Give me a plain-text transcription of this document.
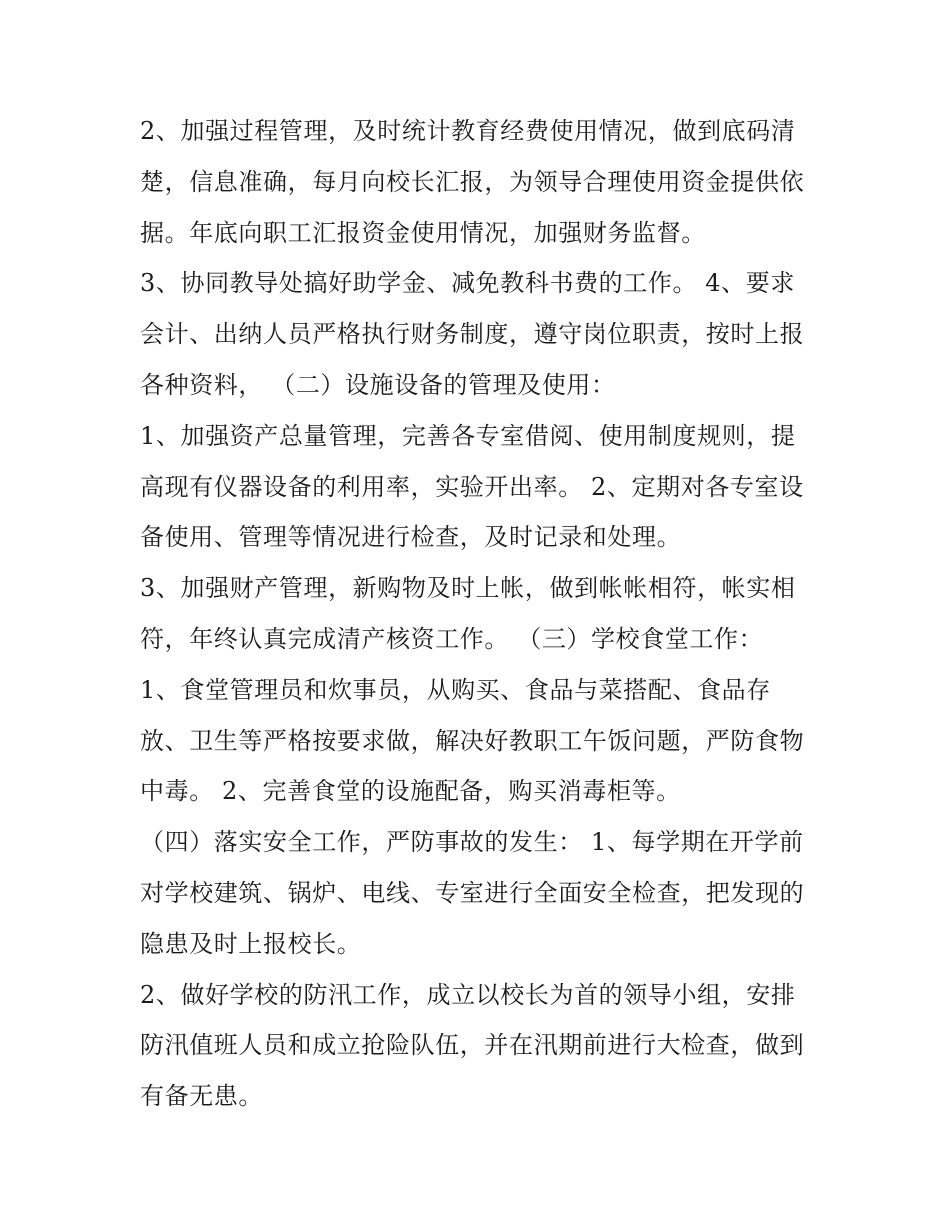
2、加强过程管理，及时统计教育经费使用情况，做到底码清
楚，信息准确，每月向校长汇报，为领导合理使用资金提供依
据。年底向职工汇报资金使用情况，加强财务监督。
3、协同教导处搞好助学金、减免教科书费的工作。 4、要求
会计、出纳人员严格执行财务制度，遵守岗位职责，按时上报
各种资料， （二）设施设备的管理及使用：
1、加强资产总量管理，完善各专室借阅、使用制度规则，提
高现有仪器设备的利用率，实验开出率。 2、定期对各专室设
备使用、管理等情况进行检查，及时记录和处理。
3、加强财产管理，新购物及时上帐，做到帐帐相符，帐实相
符，年终认真完成清产核资工作。 （三）学校食堂工作：
1、食堂管理员和炊事员，从购买、食品与菜搭配、食品存
放、卫生等严格按要求做，解决好教职工午饭问题，严防食物
中毒。 2、完善食堂的设施配备，购买消毒柜等。
（四）落实安全工作，严防事故的发生： 1、每学期在开学前
对学校建筑、锅炉、电线、专室进行全面安全检查，把发现的
隐患及时上报校长。
2、做好学校的防汛工作，成立以校长为首的领导小组，安排
防汛值班人员和成立抢险队伍，并在汛期前进行大检查，做到
有备无患。
